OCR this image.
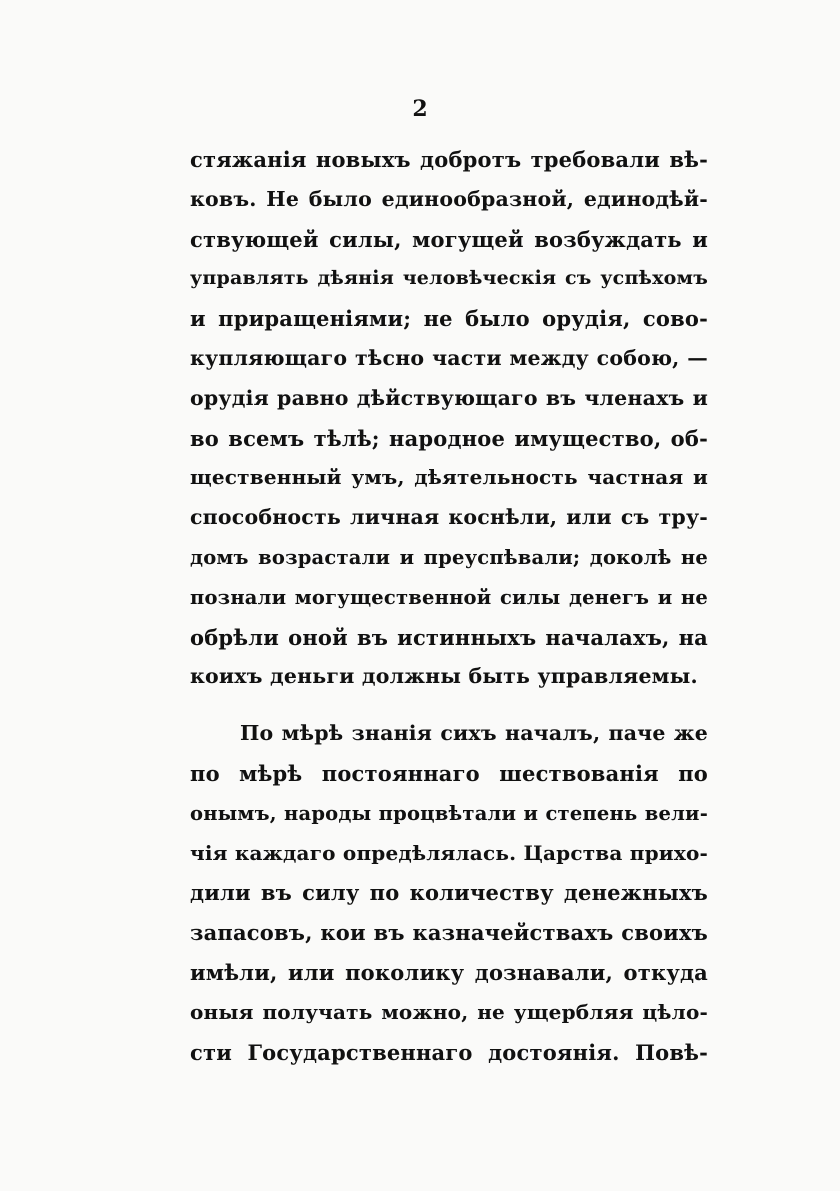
2
стяжанія новыхъ добротъ требовали вѣ-
ковъ. Не было единообразной, единодѣй-
ствующей силы, могущей возбуждать и
управлять дѣянія человѣческія съ успѣхомъ
и приращеніями; не было орудія, сово-
купляющаго тѣсно части между собою, —
орудія равно дѣйствующаго въ членахъ и
во всемъ тѣлѣ; народное имущество, об-
щественный умъ, дѣятельность частная и
способность личная коснѣли, или съ тру-
домъ возрастали и преуспѣвали; доколѣ не
познали могущественной силы денегъ и не
обрѣли оной въ истинныхъ началахъ, на
коихъ деньги должны быть управляемы.
По мѣрѣ знанія сихъ началъ, паче же
по мѣрѣ постояннаго шествованія по
онымъ, народы процвѣтали и степень вели-
чія каждаго опредѣлялась. Царства прихо-
дили въ силу по количеству денежныхъ
запасовъ, кои въ казначействахъ своихъ
имѣли, или поколику дознавали, откуда
оныя получать можно, не ущербляя цѣло-
сти Государственнаго достоянія. Повѣ-
